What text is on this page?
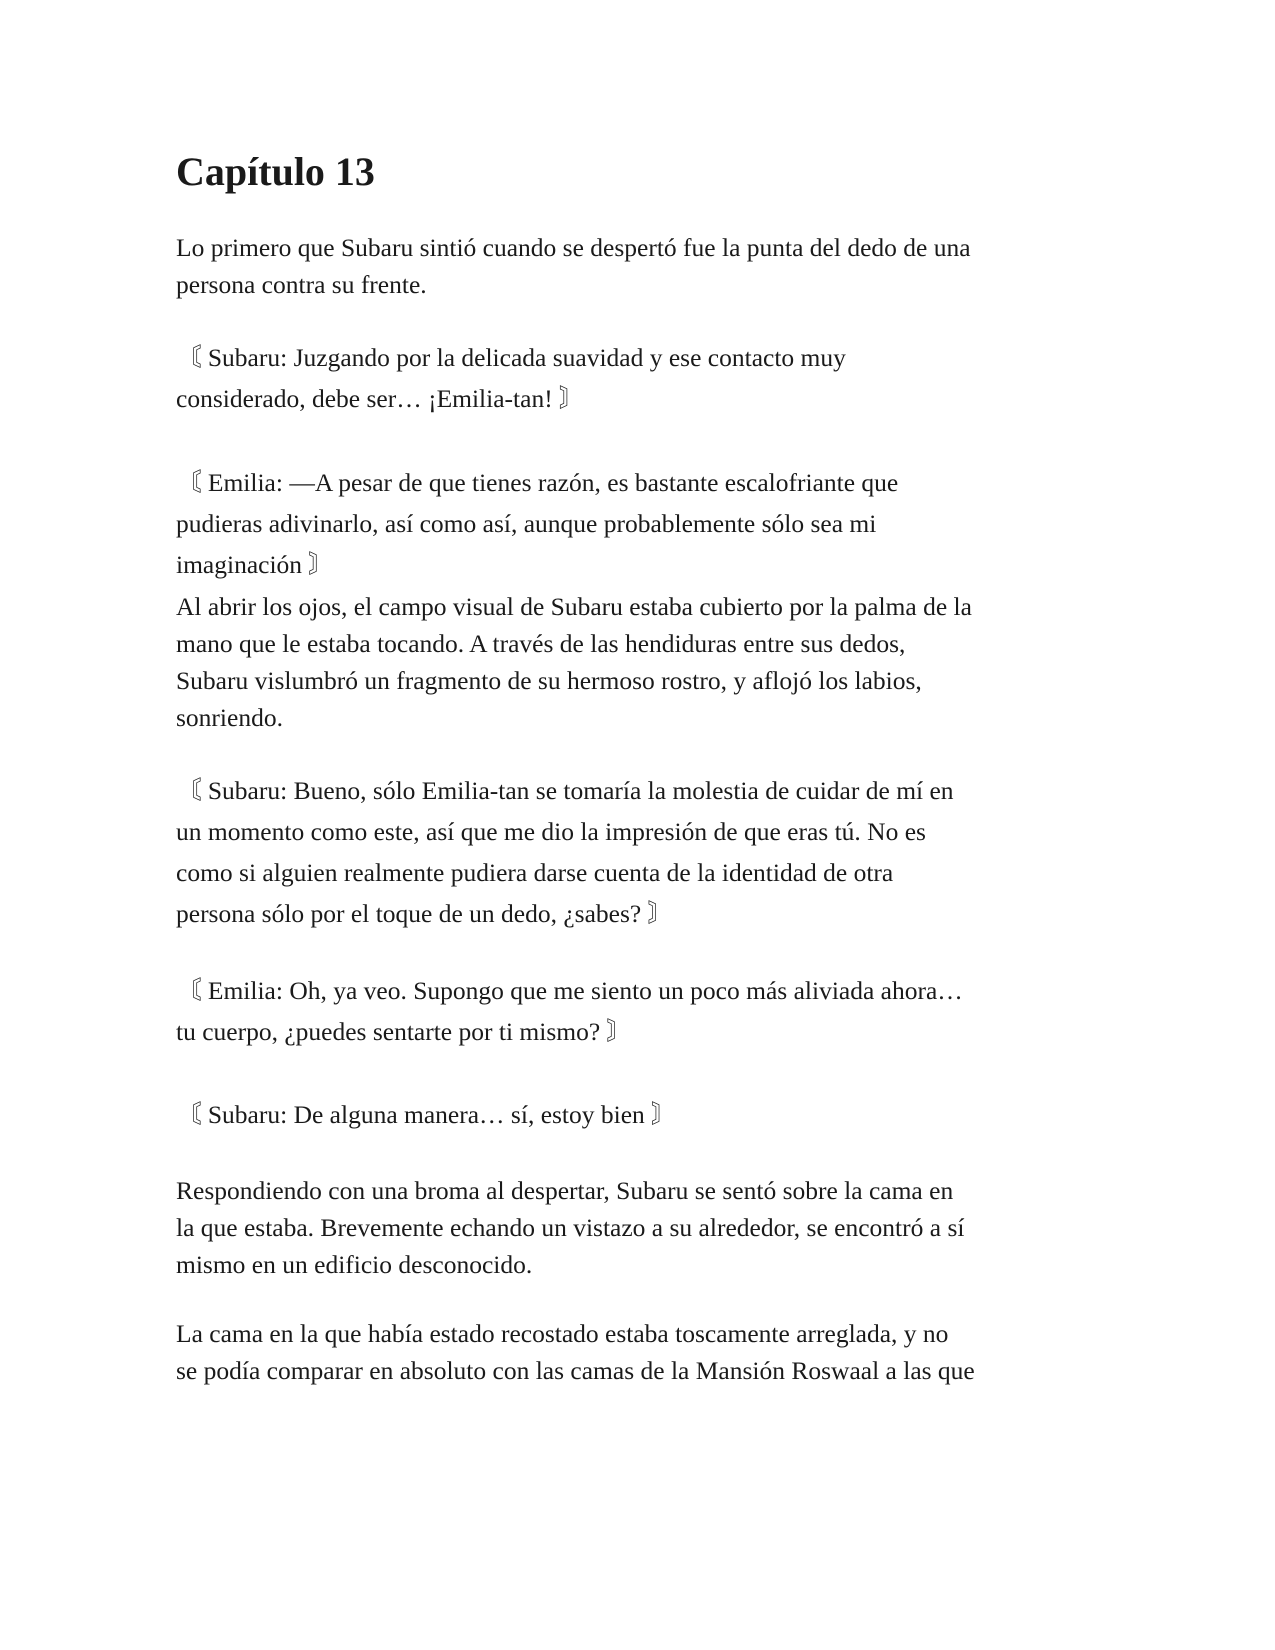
Capítulo 13

Lo primero que Subaru sintió cuando se despertó fue la punta del dedo de una
persona contra su frente.

〘 Subaru: Juzgando por la delicada suavidad y ese contacto muy
considerado, debe ser… ¡Emilia-tan! 〙

〘 Emilia: —A pesar de que tienes razón, es bastante escalofriante que
pudieras adivinarlo, así como así, aunque probablemente sólo sea mi
imaginación 〙

Al abrir los ojos, el campo visual de Subaru estaba cubierto por la palma de la
mano que le estaba tocando. A través de las hendiduras entre sus dedos,
Subaru vislumbró un fragmento de su hermoso rostro, y aflojó los labios,
sonriendo.

〘 Subaru: Bueno, sólo Emilia-tan se tomaría la molestia de cuidar de mí en
un momento como este, así que me dio la impresión de que eras tú. No es
como si alguien realmente pudiera darse cuenta de la identidad de otra
persona sólo por el toque de un dedo, ¿sabes? 〙

〘 Emilia: Oh, ya veo. Supongo que me siento un poco más aliviada ahora…
tu cuerpo, ¿puedes sentarte por ti mismo? 〙

〘 Subaru: De alguna manera… sí, estoy bien 〙

Respondiendo con una broma al despertar, Subaru se sentó sobre la cama en
la que estaba. Brevemente echando un vistazo a su alrededor, se encontró a sí
mismo en un edificio desconocido.

La cama en la que había estado recostado estaba toscamente arreglada, y no
se podía comparar en absoluto con las camas de la Mansión Roswaal a las que
